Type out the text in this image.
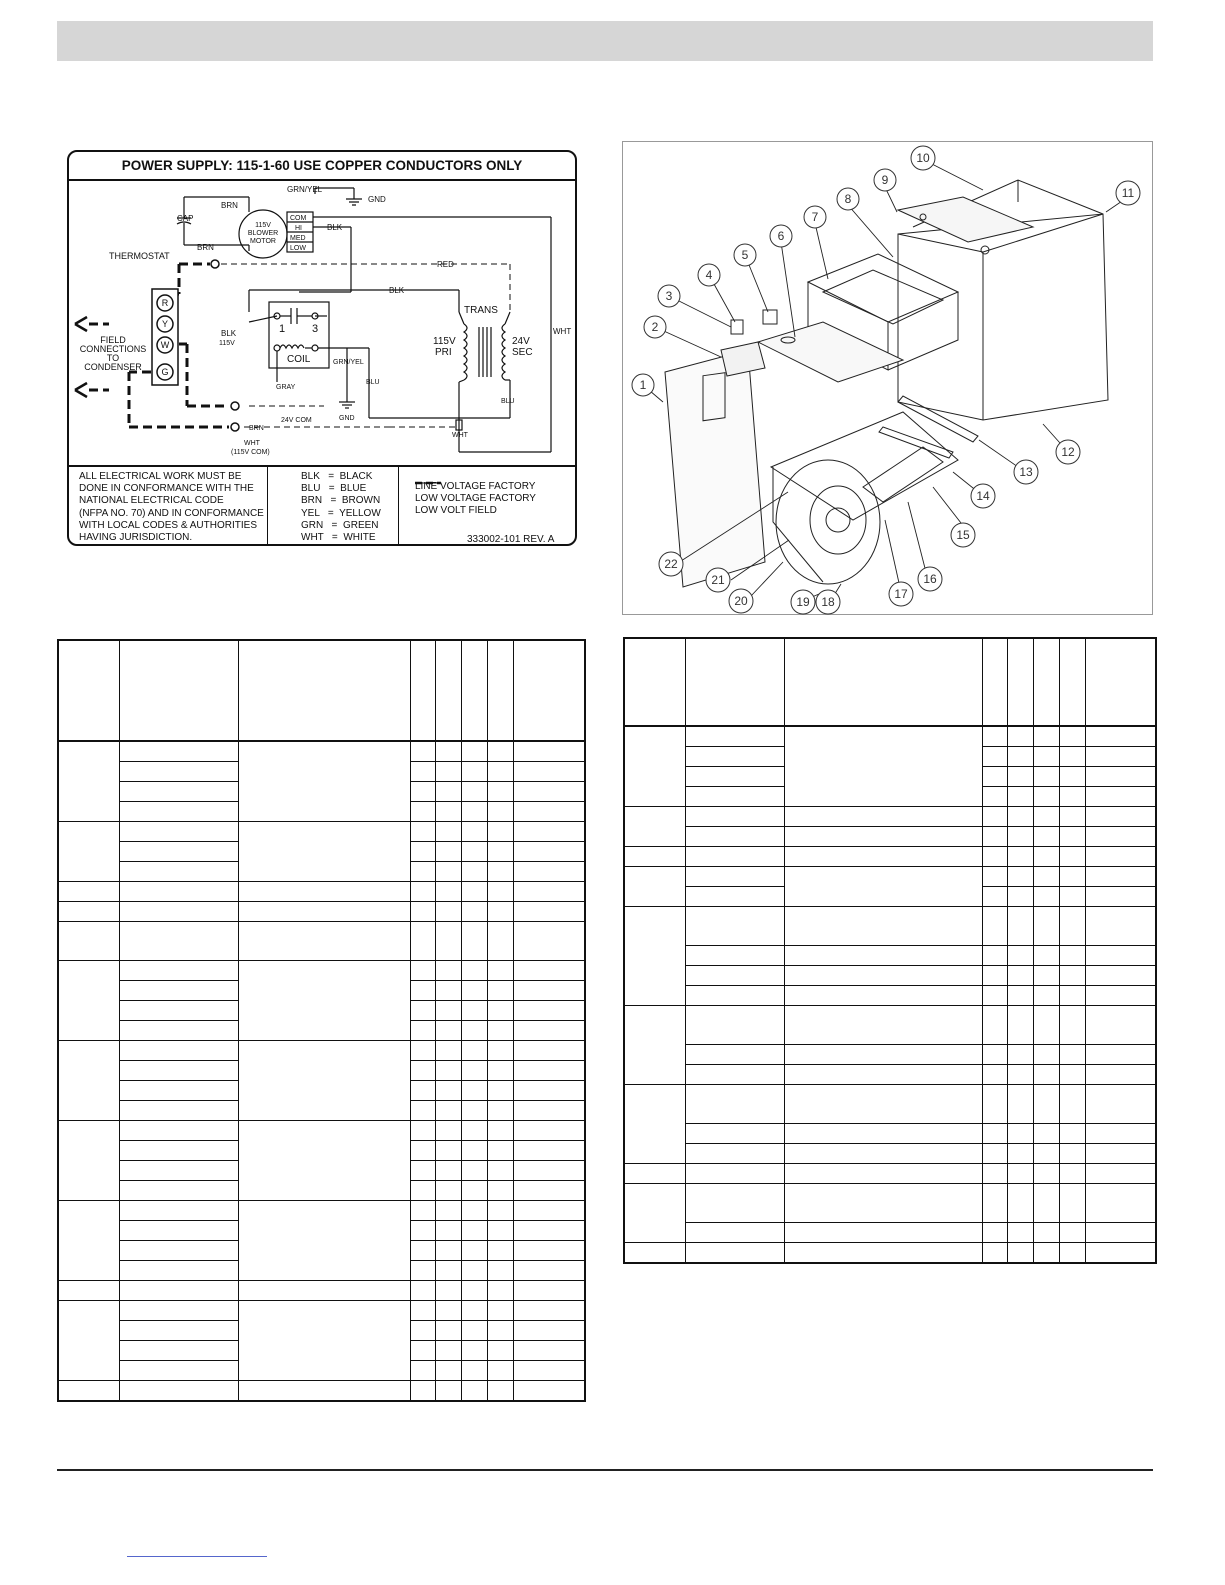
GRN/YEL
GND
BRN
CAP
BRN
115V
BLOWER
MOTOR
COM
HI
MED
LOW
BLK
THERMOSTAT
RED
BLK
TRANS
WHT
R
Y
W
G
FIELD
CONNECTIONS
TO
CONDENSER
1 3
COIL
BLK
115V
GRN/YEL
115V
PRI
24V
SEC
GRAY
BLU
BLU
GND
BRN
24V COM
WHT
WHT
(115V COM)
POWER SUPPLY: 115-1-60 USE COPPER CONDUCTORS ONLY
ALL ELECTRICAL WORK MUST BE
DONE IN CONFORMANCE WITH THE
NATIONAL ELECTRICAL CODE
(NFPA NO. 70) AND IN CONFORMANCE
WITH LOCAL CODES & AUTHORITIES
HAVING JURISDICTION.
BLK   =  BLACK
BLU   =  BLUE
BRN   =  BROWN
YEL   =  YELLOW
GRN   =  GREEN
WHT   =  WHITE
LINE VOLTAGE FACTORY
LOW VOLTAGE FACTORY
LOW VOLT FIELD
333002-101 REV. A
1
2
3
4
5
6
7
8
9
10
11
12
13
14
15
16
17
18
19
20
21
22
